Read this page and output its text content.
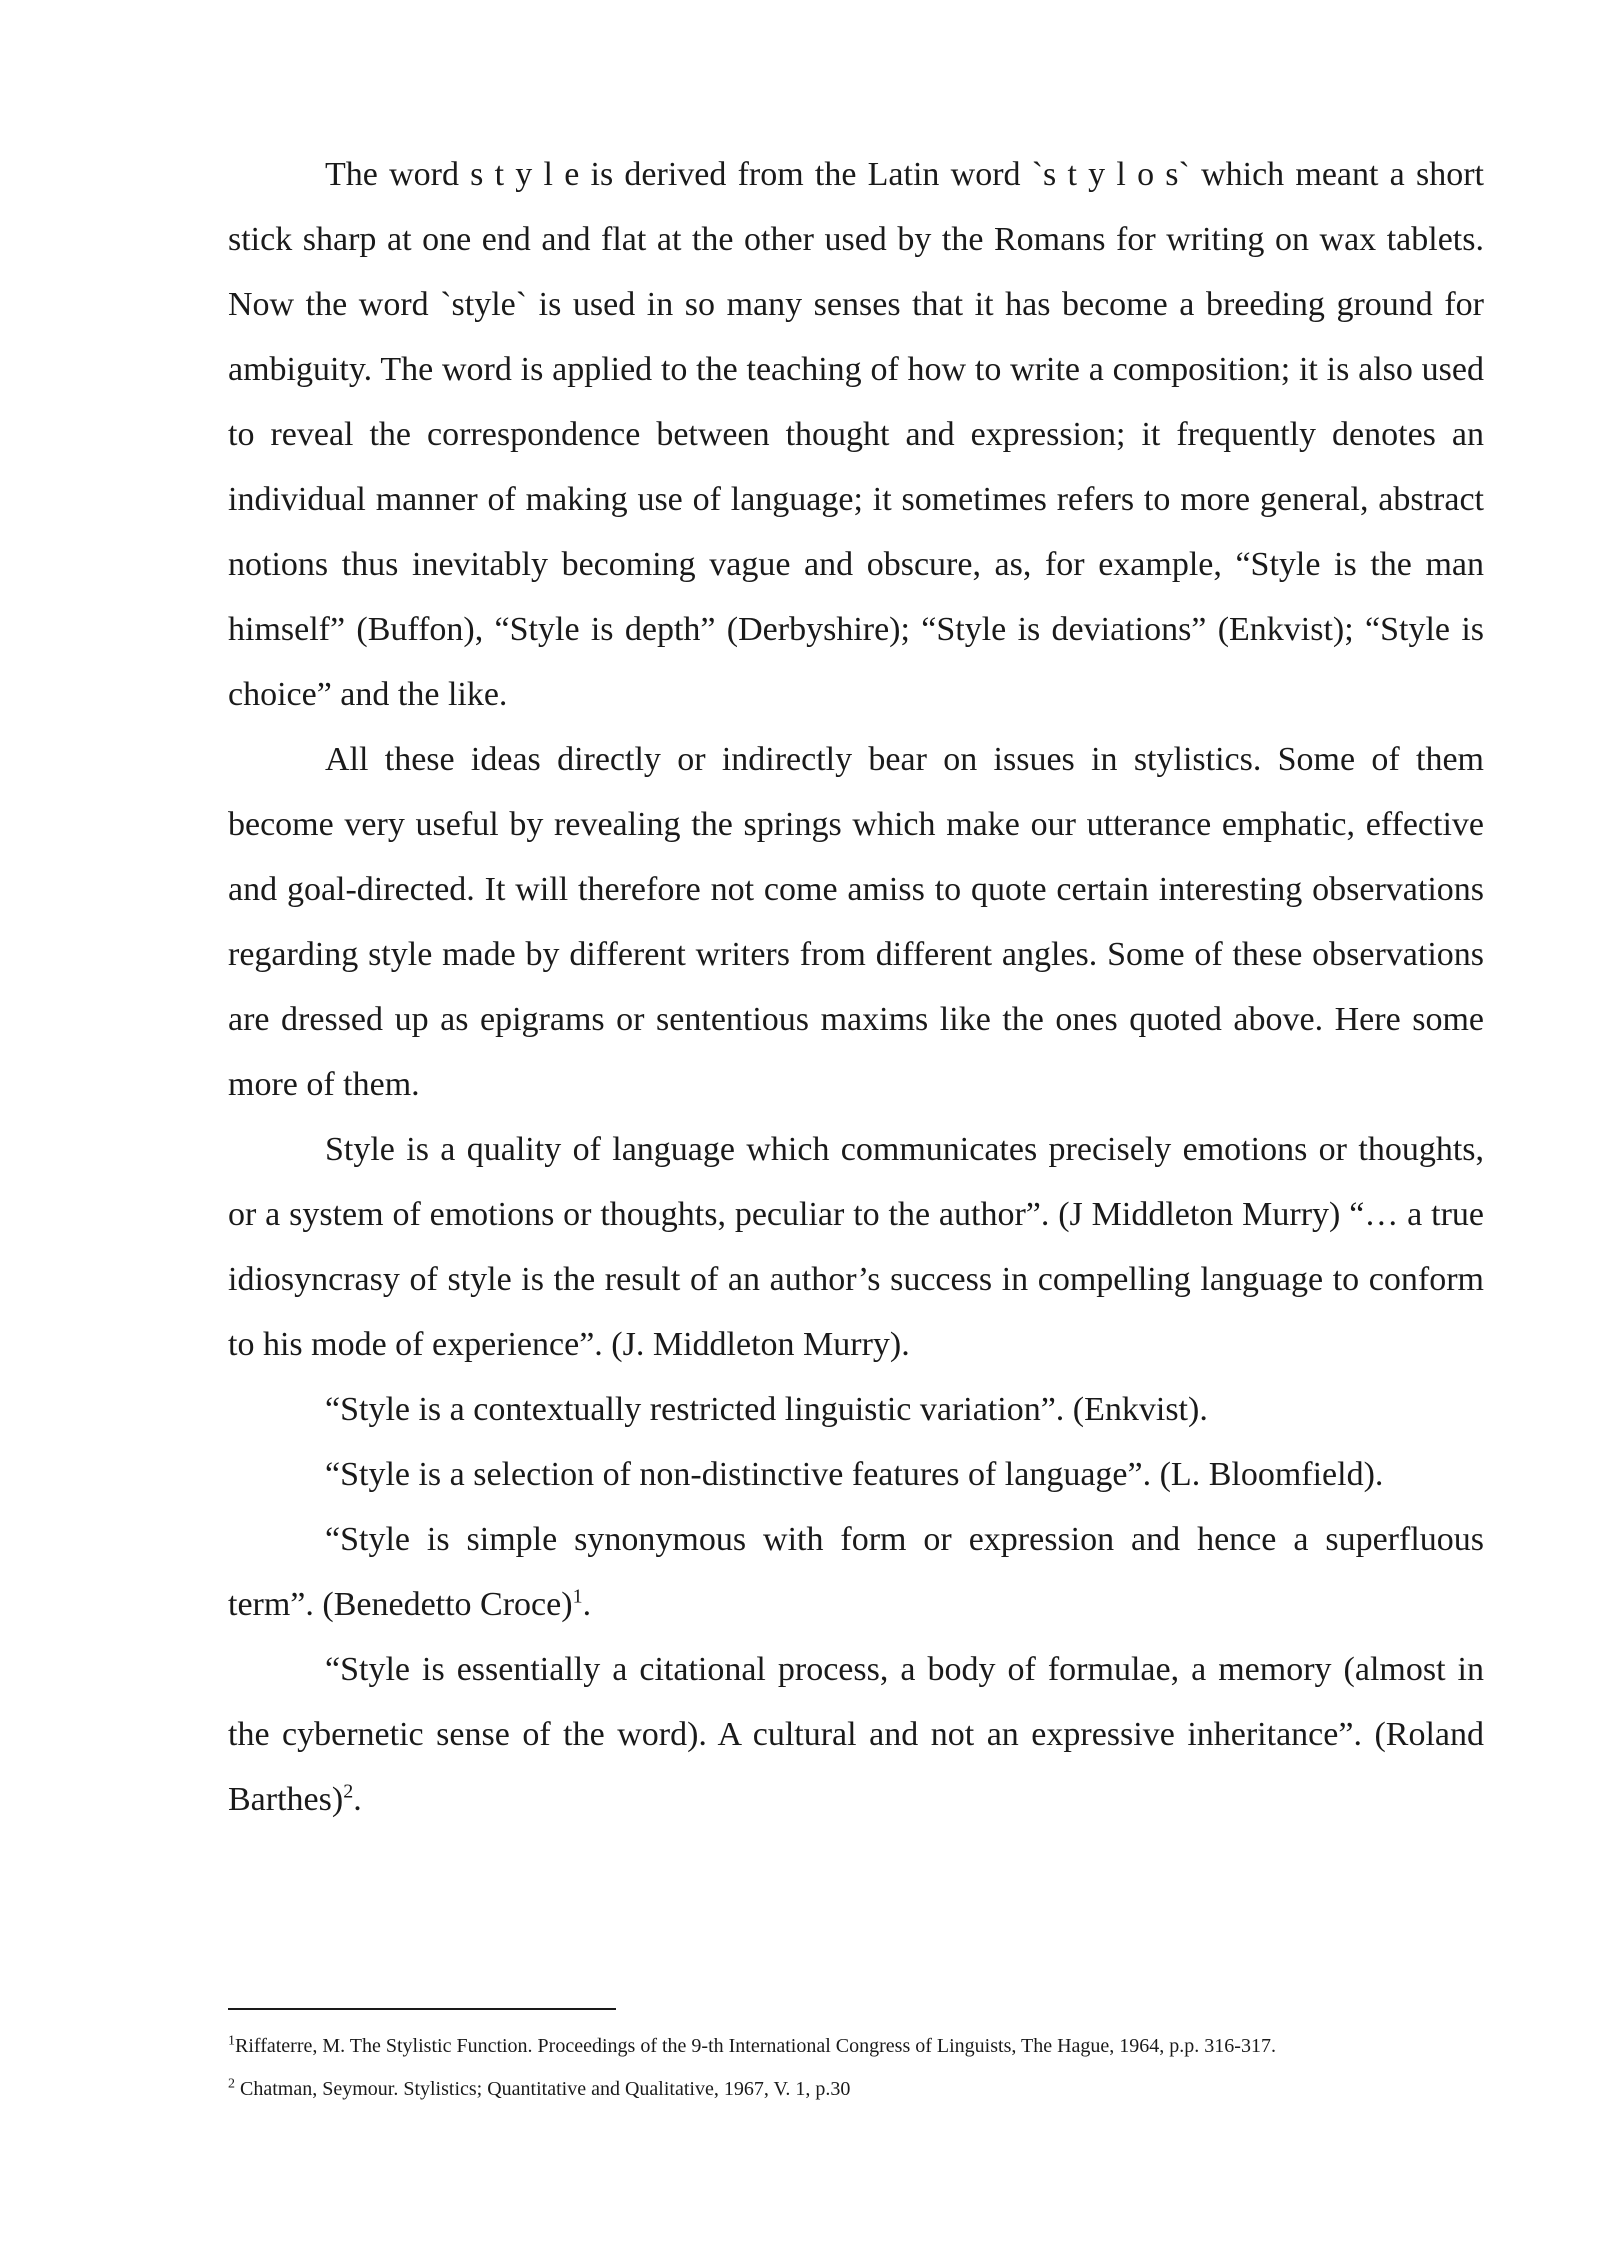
The word s t y l e is derived from the Latin word `s t y l o s` which meant a short stick sharp at one end and flat at the other used by the Romans for writing on wax tablets. Now the word `style` is used in so many senses that it has become a breeding ground for ambiguity. The word is applied to the teaching of how to write a composition; it is also used to reveal the correspondence between thought and expression; it frequently denotes an individual manner of making use of language; it sometimes refers to more general, abstract notions thus inevitably becoming vague and obscure, as, for example, “Style is the man himself” (Buffon), “Style is depth” (Derbyshire); “Style is deviations” (Enkvist); “Style is choice” and the like.

All these ideas directly or indirectly bear on issues in stylistics. Some of them become very useful by revealing the springs which make our utterance emphatic, effective and goal-directed. It will therefore not come amiss to quote certain interesting observations regarding style made by different writers from different angles. Some of these observations are dressed up as epigrams or sententious maxims like the ones quoted above. Here some more of them.

Style is a quality of language which communicates precisely emotions or thoughts, or a system of emotions or thoughts, peculiar to the author”. (J Middleton Murry) “… a true idiosyncrasy of style is the result of an author’s success in compelling language to conform to his mode of experience”. (J. Middleton Murry).

“Style is a contextually restricted linguistic variation”. (Enkvist).

“Style is a selection of non-distinctive features of language”. (L. Bloomfield).

“Style is simple synonymous with form or expression and hence a superfluous term”. (Benedetto Croce)$^1$.

“Style is essentially a citational process, a body of formulae, a memory (almost in the cybernetic sense of the word). A cultural and not an expressive inheritance”. (Roland Barthes)$^2$.

$^1$Riffaterre, M. The Stylistic Function. Proceedings of the 9-th International Congress of Linguists, The Hague, 1964, p.p. 316-317.

$^2$ Chatman, Seymour. Stylistics; Quantitative and Qualitative, 1967, V. 1, p.30
